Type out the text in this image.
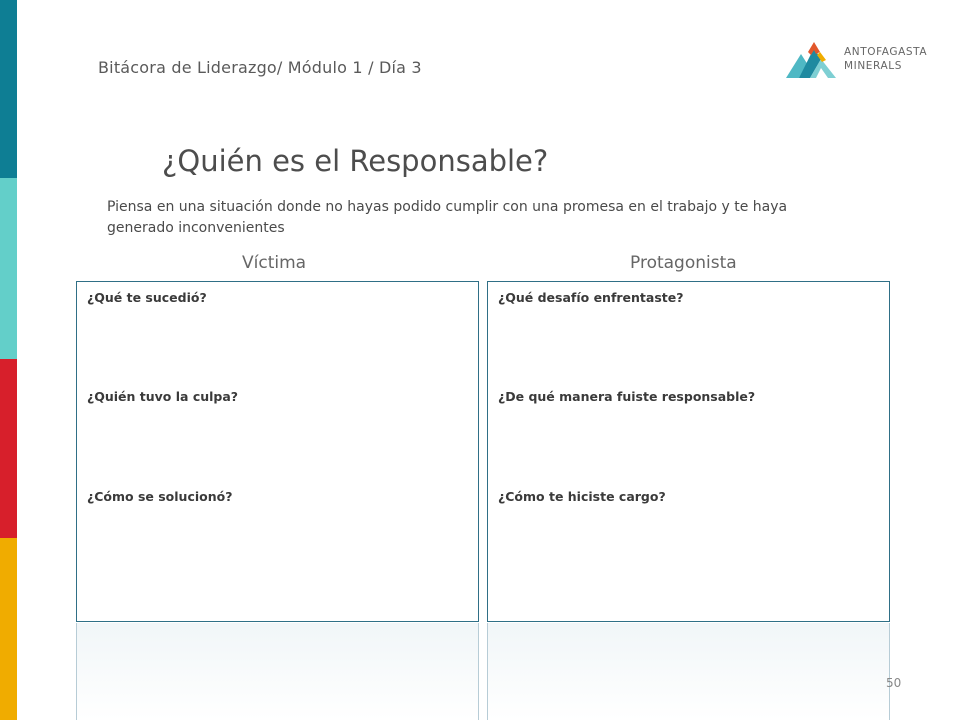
Bitácora de Liderazgo/ Módulo 1 / Día 3
ANTOFAGASTA
MINERALS
¿Quién es el Responsable?
Piensa en una situación donde no hayas podido cumplir con una promesa en el trabajo y te haya generado inconvenientes
Víctima	Protagonista
¿Qué te sucedió?
¿Quién tuvo la culpa?
¿Cómo se solucionó?
¿Qué desafío enfrentaste?
¿De qué manera fuiste responsable?
¿Cómo te hiciste cargo?
50
